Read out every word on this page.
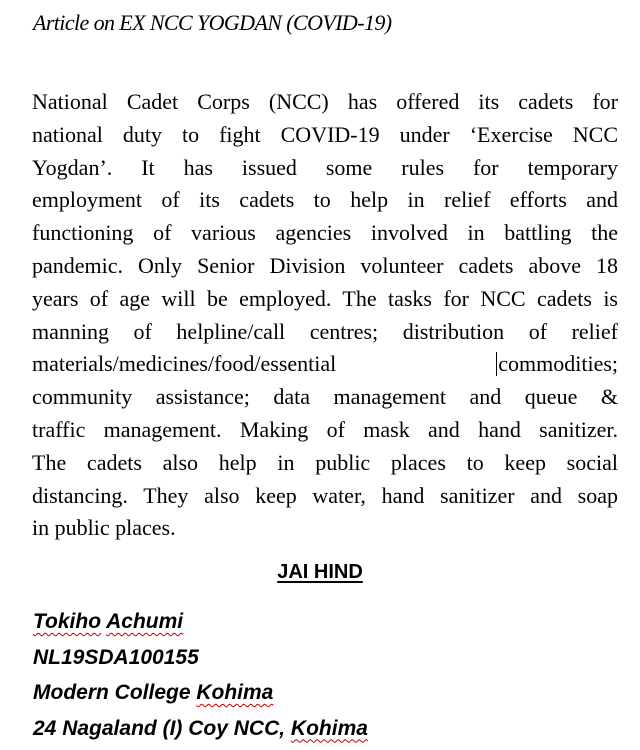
Article on EX NCC YOGDAN (COVID-19)
National Cadet Corps (NCC) has offered its cadets for
national duty to fight COVID-19 under ‘Exercise NCC
Yogdan’. It has issued some rules for temporary
employment of its cadets to help in relief efforts and
functioning of various agencies involved in battling the
pandemic. Only Senior Division volunteer cadets above 18
years of age will be employed. The tasks for NCC cadets is
manning of helpline/call centres; distribution of relief
materials/medicines/food/essential	commodities;
community assistance; data management and queue &
traffic management. Making of mask and hand sanitizer.
The cadets also help in public places to keep social
distancing. They also keep water, hand sanitizer and soap
in public places.
JAI HIND
Tokiho Achumi
NL19SDA100155
Modern College Kohima
24 Nagaland (I) Coy NCC, Kohima
